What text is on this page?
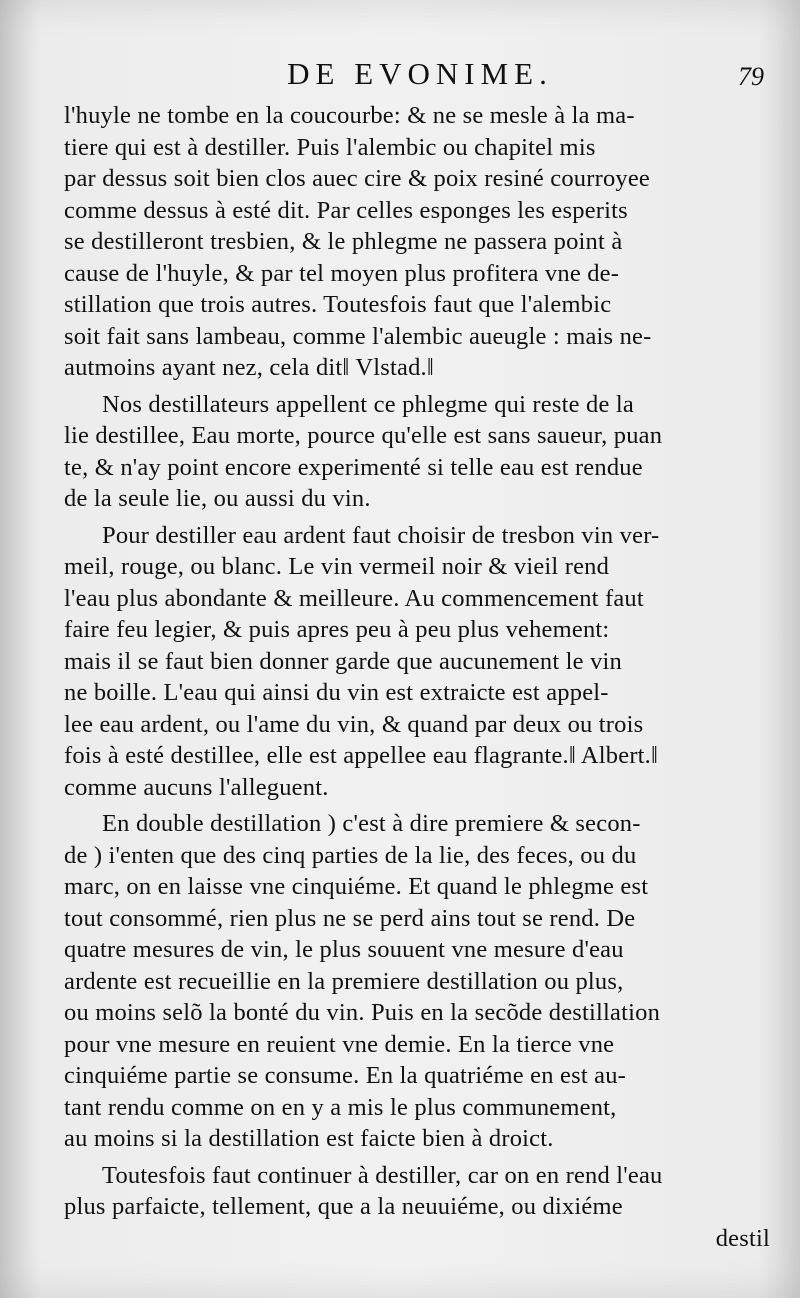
DE EVONIME.	79
l'huyle ne tombe en la coucourbe: & ne se mesle à la ma-
tiere qui est à destiller. Puis l'alembic ou chapitel mis
par dessus soit bien clos auec cire & poix resiné courroyee
comme dessus à esté dit. Par celles esponges les esperits
se destilleront tresbien, & le phlegme ne passera point à
cause de l'huyle, & par tel moyen plus profitera vne de-
stillation que trois autres. Toutesfois faut que l'alembic
soit fait sans lambeau, comme l'alembic aueugle : mais ne-
autmoins ayant nez, cela dit‖ Vlstad.‖
Nos destillateurs appellent ce phlegme qui reste de la
lie destillee, Eau morte, pource qu'elle est sans saueur, puan
te, & n'ay point encore experimenté si telle eau est rendue
de la seule lie, ou aussi du vin.
Pour destiller eau ardent faut choisir de tresbon vin ver-
meil, rouge, ou blanc. Le vin vermeil noir & vieil rend
l'eau plus abondante & meilleure. Au commencement faut
faire feu legier, & puis apres peu à peu plus vehement:
mais il se faut bien donner garde que aucunement le vin
ne boille. L'eau qui ainsi du vin est extraicte est appel-
lee eau ardent, ou l'ame du vin, & quand par deux ou trois
fois à esté destillee, elle est appellee eau flagrante.‖ Albert.‖
comme aucuns l'alleguent.
En double destillation ) c'est à dire premiere & secon-
de ) i'enten que des cinq parties de la lie, des feces, ou du
marc, on en laisse vne cinquiéme. Et quand le phlegme est
tout consommé, rien plus ne se perd ains tout se rend. De
quatre mesures de vin, le plus souuent vne mesure d'eau
ardente est recueillie en la premiere destillation ou plus,
ou moins selõ la bonté du vin. Puis en la secõde destillation
pour vne mesure en reuient vne demie. En la tierce vne
cinquiéme partie se consume. En la quatriéme en est au-
tant rendu comme on en y a mis le plus communement,
au moins si la destillation est faicte bien à droict.
Toutesfois faut continuer à destiller, car on en rend l'eau
plus parfaicte, tellement, que a la neuuiéme, ou dixiéme
destil
